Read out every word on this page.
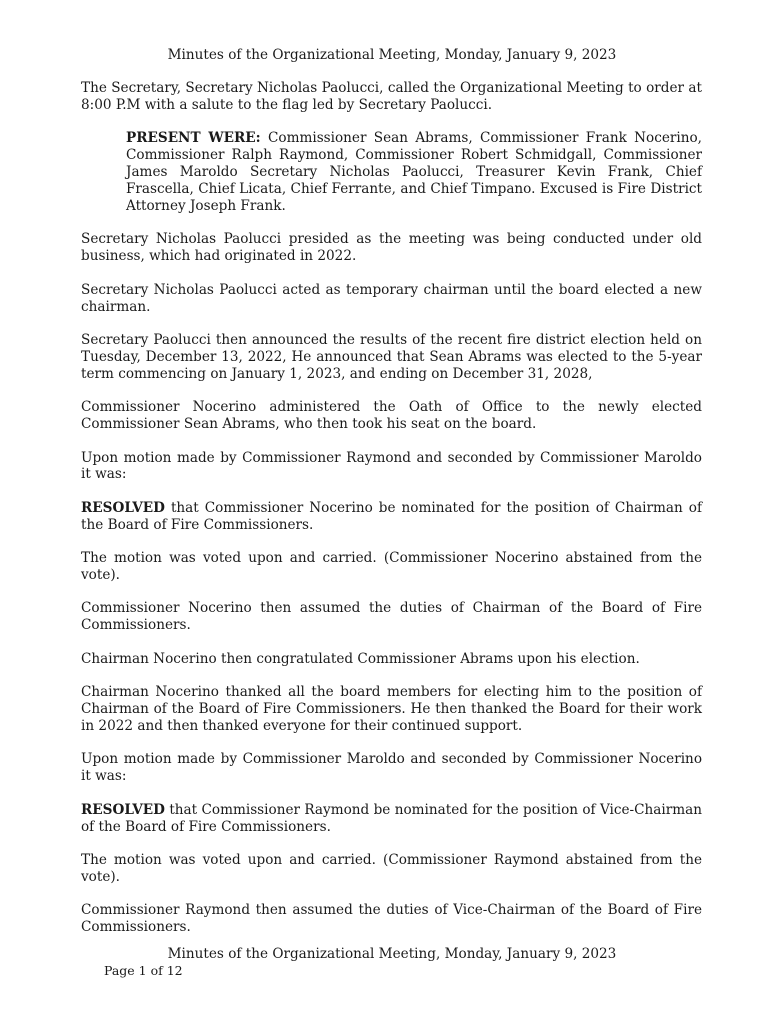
Minutes of the Organizational Meeting, Monday, January 9, 2023

The Secretary, Secretary Nicholas Paolucci, called the Organizational Meeting to order at 8:00 P.M with a salute to the flag led by Secretary Paolucci.

PRESENT WERE: Commissioner Sean Abrams, Commissioner Frank Nocerino, Commissioner Ralph Raymond, Commissioner Robert Schmidgall, Commissioner James Maroldo Secretary Nicholas Paolucci, Treasurer Kevin Frank, Chief Frascella, Chief Licata, Chief Ferrante, and Chief Timpano. Excused is Fire District Attorney Joseph Frank.

Secretary Nicholas Paolucci presided as the meeting was being conducted under old business, which had originated in 2022.

Secretary Nicholas Paolucci acted as temporary chairman until the board elected a new chairman.

Secretary Paolucci then announced the results of the recent fire district election held on Tuesday, December 13, 2022, He announced that Sean Abrams was elected to the 5-year term commencing on January 1, 2023, and ending on December 31, 2028,

Commissioner Nocerino administered the Oath of Office to the newly elected Commissioner Sean Abrams, who then took his seat on the board.

Upon motion made by Commissioner Raymond and seconded by Commissioner Maroldo it was:

RESOLVED that Commissioner Nocerino be nominated for the position of Chairman of the Board of Fire Commissioners.

The motion was voted upon and carried. (Commissioner Nocerino abstained from the vote).

Commissioner Nocerino then assumed the duties of Chairman of the Board of Fire Commissioners.

Chairman Nocerino then congratulated Commissioner Abrams upon his election.

Chairman Nocerino thanked all the board members for electing him to the position of Chairman of the Board of Fire Commissioners. He then thanked the Board for their work in 2022 and then thanked everyone for their continued support.

Upon motion made by Commissioner Maroldo and seconded by Commissioner Nocerino it was:

RESOLVED that Commissioner Raymond be nominated for the position of Vice-Chairman of the Board of Fire Commissioners.

The motion was voted upon and carried. (Commissioner Raymond abstained from the vote).

Commissioner Raymond then assumed the duties of Vice-Chairman of the Board of Fire Commissioners.

Minutes of the Organizational Meeting, Monday, January 9, 2023
Page 1 of 12
